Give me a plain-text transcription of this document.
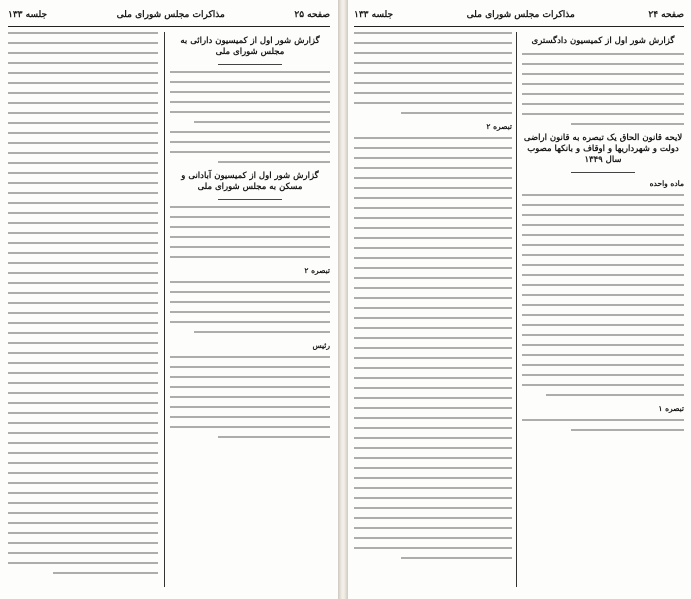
صفحه ۲۵
مذاکرات مجلس شورای ملی
جلسه ۱۳۳
گزارش شور اول از کمیسیون دارائی به مجلس شورای ملی
گزارش شور اول از کمیسیون آبادانی و مسکن به مجلس شورای ملی
تبصره ۲
رئیس
صفحه ۲۴
مذاکرات مجلس شورای ملی
جلسه ۱۳۳
گزارش شور اول از کمیسیون دادگستری
لایحه قانون الحاق یک تبصره به قانون اراضی دولت و شهرداریها و اوقاف و بانکها مصوب سال ۱۳۴۹
ماده واحده
تبصره ۱
تبصره ۲
